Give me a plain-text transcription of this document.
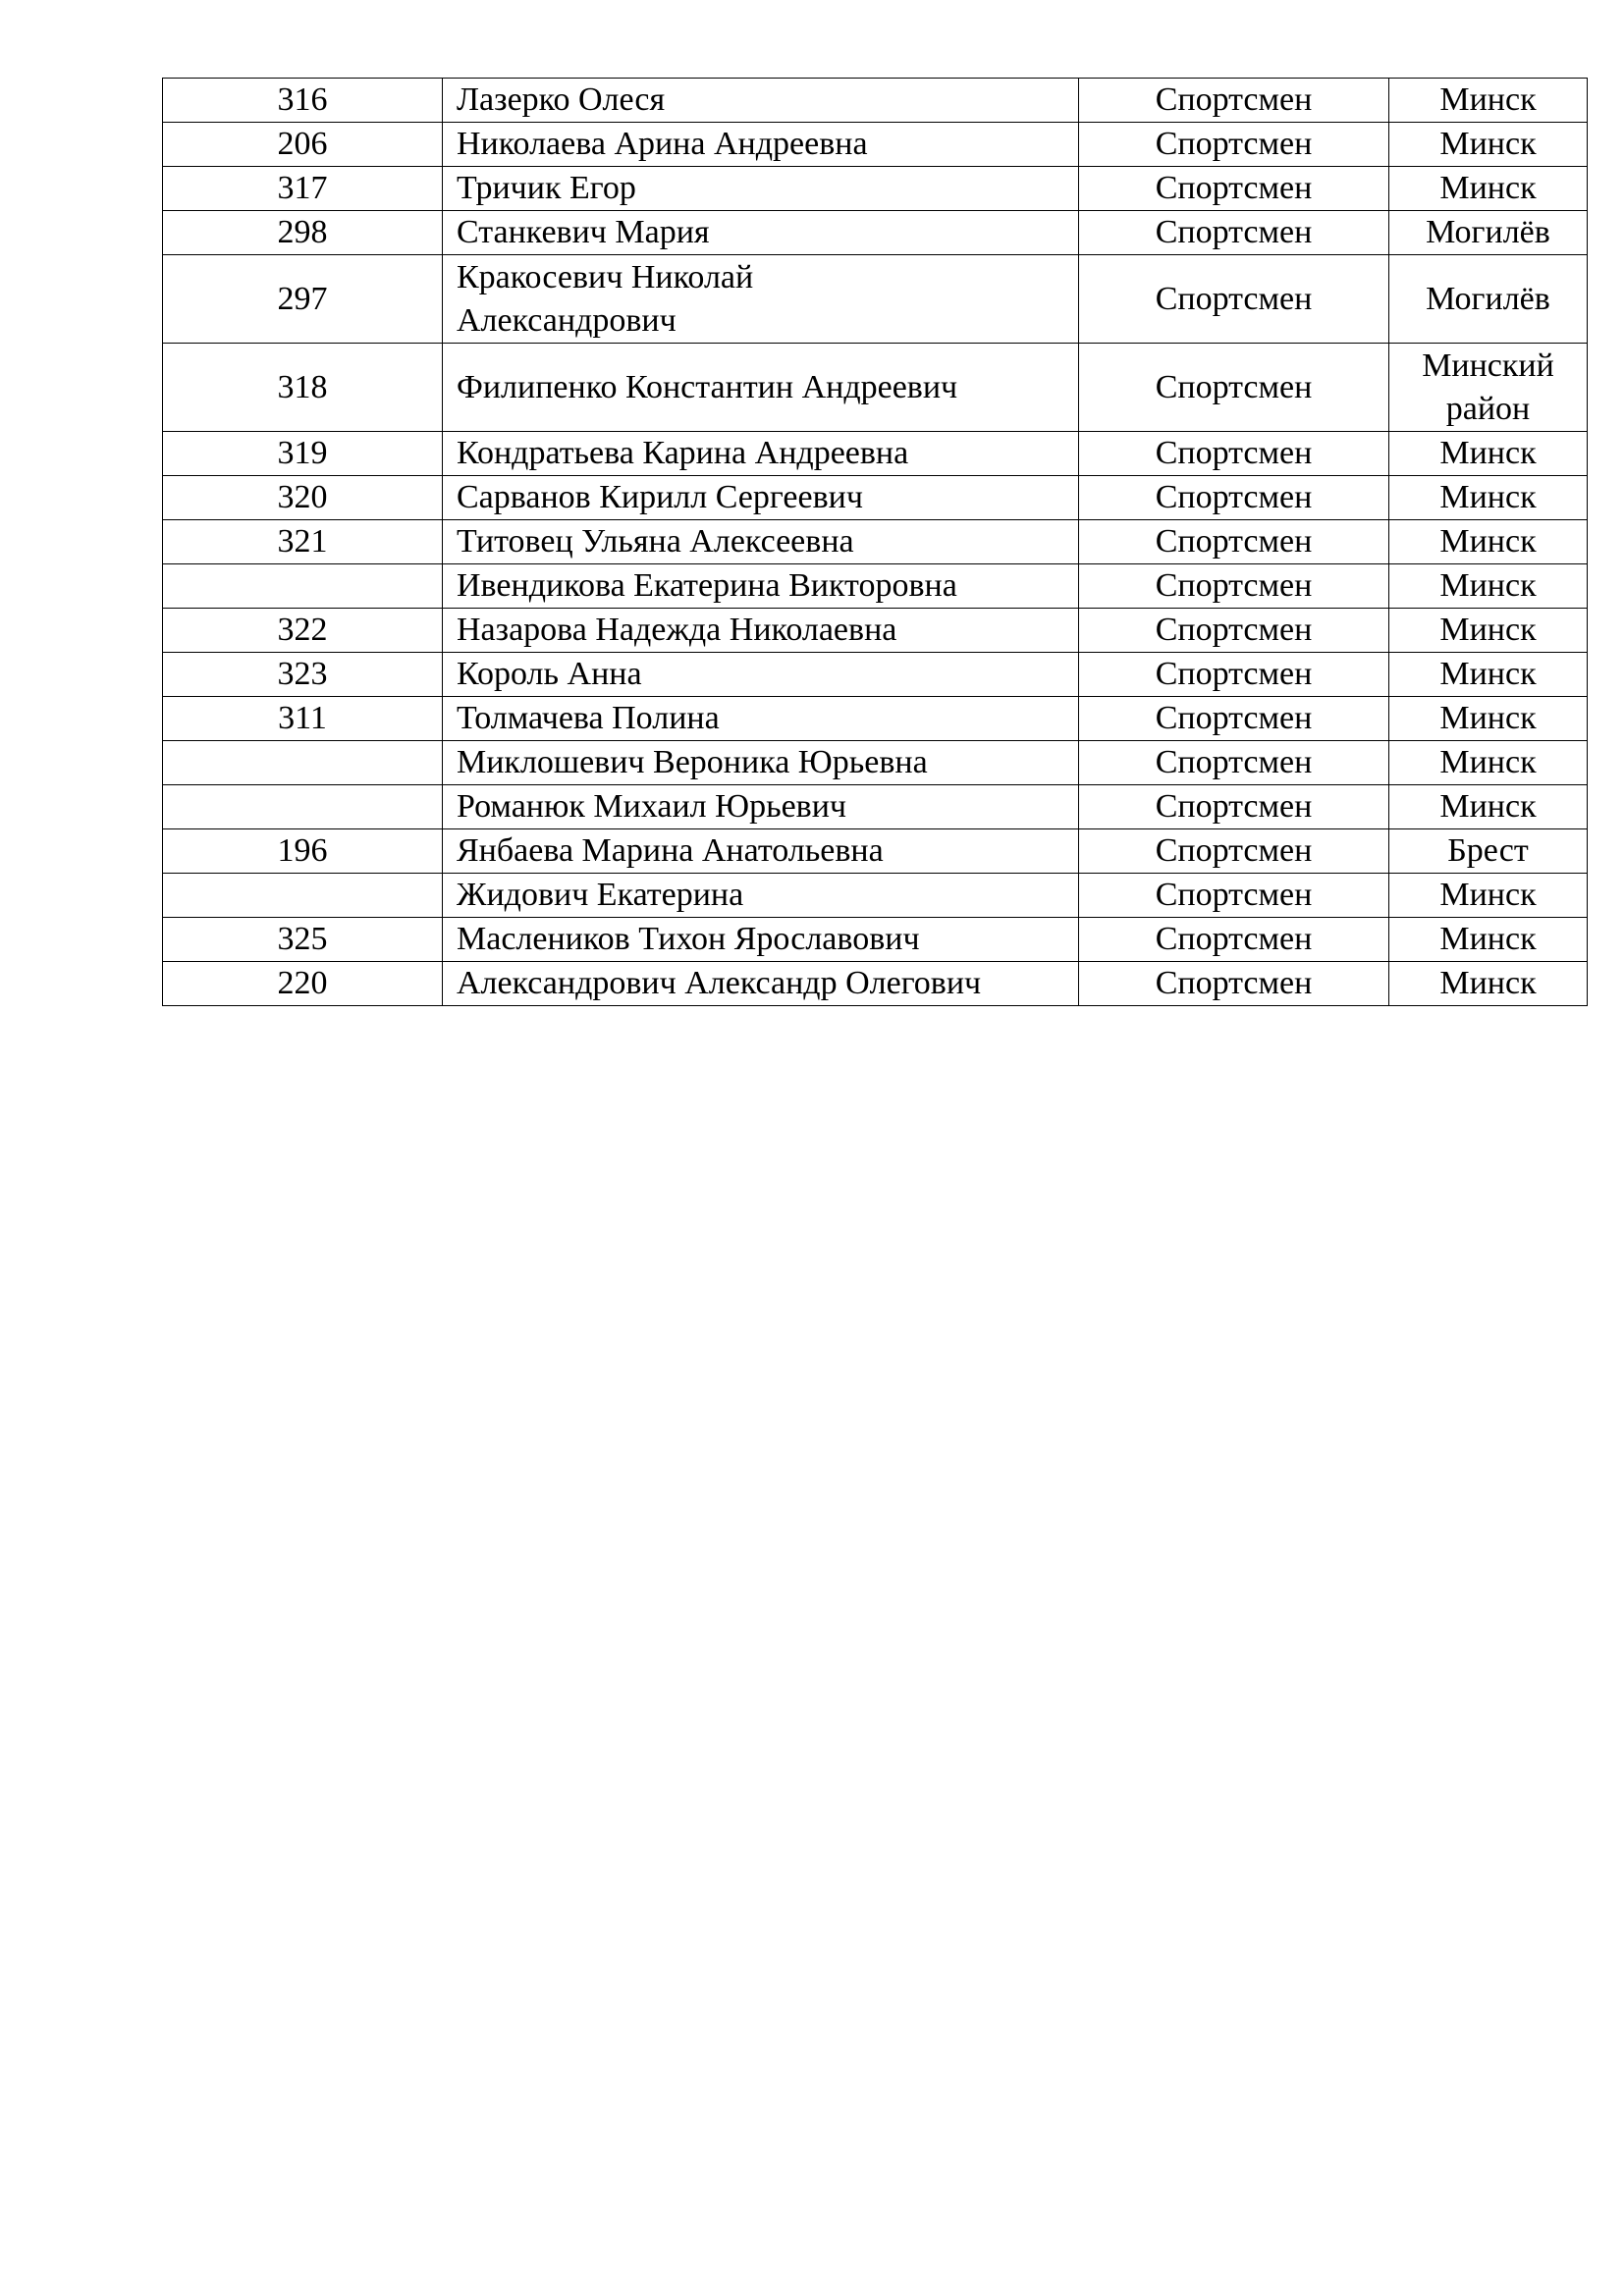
316	Лазерко Олеся	Спортсмен	Минск
206	Николаева Арина Андреевна	Спортсмен	Минск
317	Тричик Егор	Спортсмен	Минск
298	Станкевич Мария	Спортсмен	Могилёв
297	Кракосевич Николай Александрович	Спортсмен	Могилёв
318	Филипенко Константин Андреевич	Спортсмен	Минский район
319	Кондратьева Карина Андреевна	Спортсмен	Минск
320	Сарванов Кирилл Сергеевич	Спортсмен	Минск
321	Титовец Ульяна Алексеевна	Спортсмен	Минск
	Ивендикова Екатерина Викторовна	Спортсмен	Минск
322	Назарова Надежда Николаевна	Спортсмен	Минск
323	Король Анна	Спортсмен	Минск
311	Толмачева Полина	Спортсмен	Минск
	Миклошевич Вероника Юрьевна	Спортсмен	Минск
	Романюк Михаил Юрьевич	Спортсмен	Минск
196	Янбаева Марина Анатольевна	Спортсмен	Брест
	Жидович Екатерина	Спортсмен	Минск
325	Маслеников Тихон Ярославович	Спортсмен	Минск
220	Александрович Александр Олегович	Спортсмен	Минск
